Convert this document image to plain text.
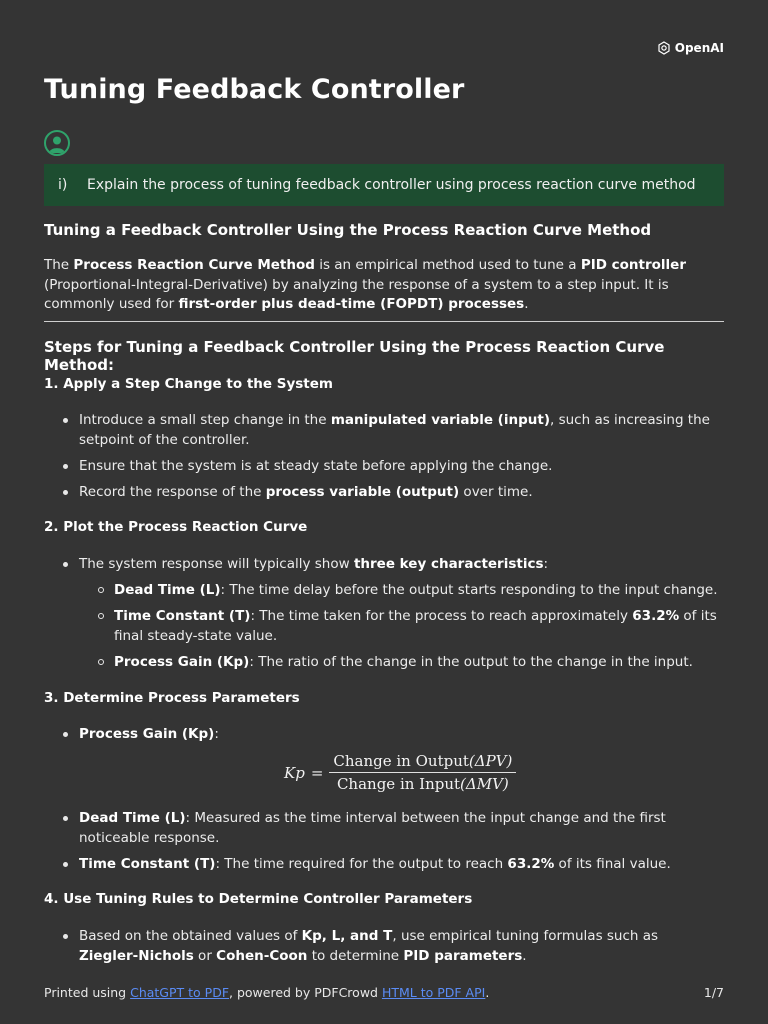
OpenAI
Tuning Feedback Controller
i)	Explain the process of tuning feedback controller using process reaction curve method
Tuning a Feedback Controller Using the Process Reaction Curve Method

The Process Reaction Curve Method is an empirical method used to tune a PID controller
(Proportional-Integral-Derivative) by analyzing the response of a system to a step input. It is commonly used for first-order plus dead-time (FOPDT) processes.

Steps for Tuning a Feedback Controller Using the Process Reaction Curve Method:

1. Apply a Step Change to the System

Introduce a small step change in the manipulated variable (input), such as increasing the setpoint of the controller.

Ensure that the system is at steady state before applying the change.

Record the response of the process variable (output) over time.

2. Plot the Process Reaction Curve

The system response will typically show three key characteristics:

Dead Time (L): The time delay before the output starts responding to the input change.

Time Constant (T): The time taken for the process to reach approximately 63.2% of its final steady-state value.

Process Gain (Kp): The ratio of the change in the output to the change in the input.

3. Determine Process Parameters

Process Gain (Kp):

$Kp = \frac{\text{Change in Output(ΔPV)}}{\text{Change in Input(ΔMV)}}$

Dead Time (L): Measured as the time interval between the input change and the first noticeable response.

Time Constant (T): The time required for the output to reach 63.2% of its final value.

4. Use Tuning Rules to Determine Controller Parameters

Based on the obtained values of Kp, L, and T, use empirical tuning formulas such as Ziegler-Nichols or Cohen-Coon to determine PID parameters.

Printed using ChatGPT to PDF, powered by PDFCrowd HTML to PDF API.	1/7
